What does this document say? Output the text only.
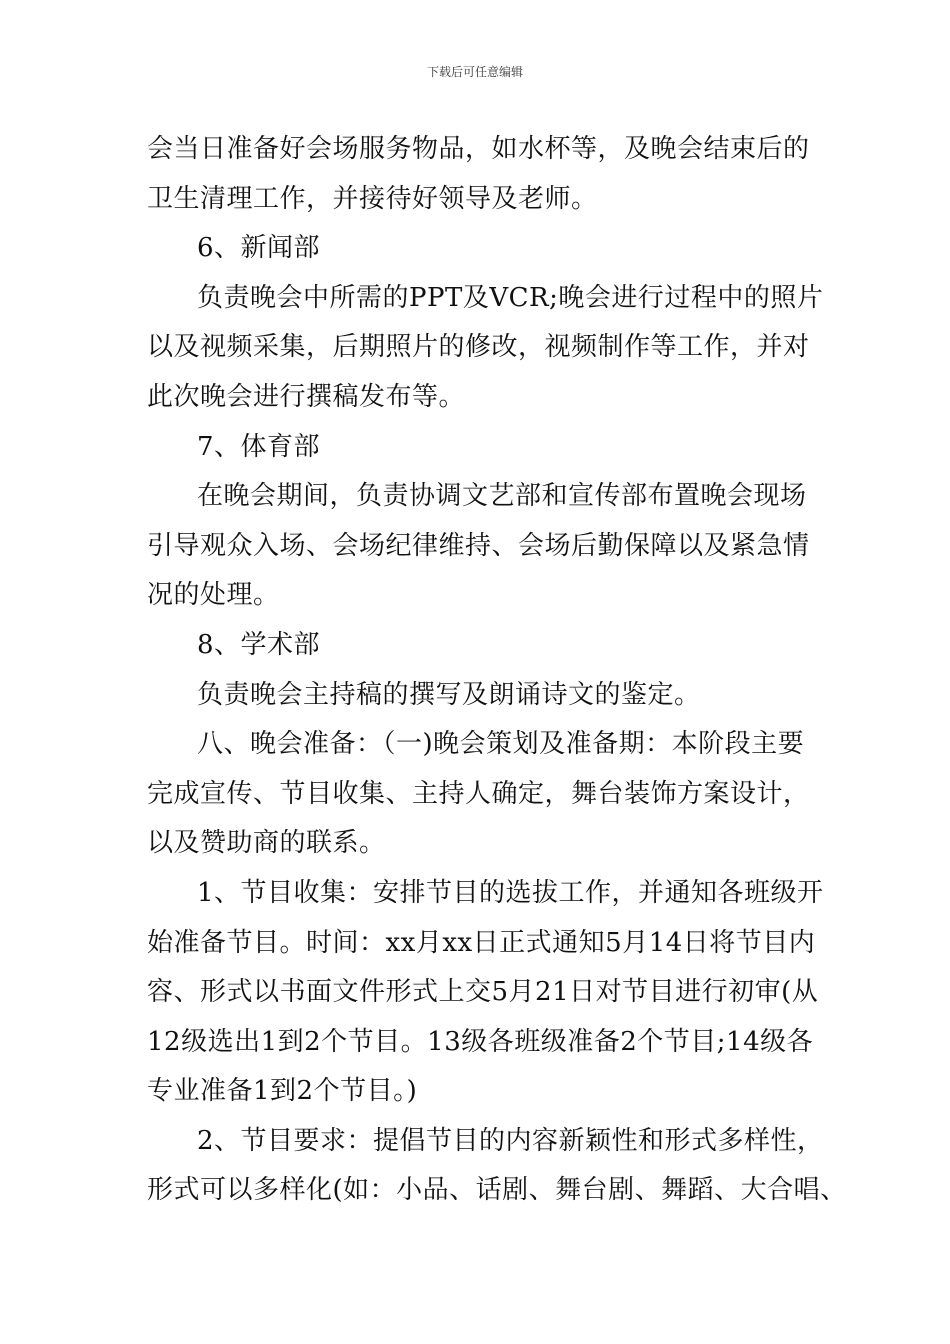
下载后可任意编辑
会当日准备好会场服务物品，如水杯等，及晚会结束后的
卫生清理工作，并接待好领导及老师。
6、新闻部
负责晚会中所需的PPT及VCR;晚会进行过程中的照片
以及视频采集，后期照片的修改，视频制作等工作，并对
此次晚会进行撰稿发布等。
7、体育部
在晚会期间，负责协调文艺部和宣传部布置晚会现场
引导观众入场、会场纪律维持、会场后勤保障以及紧急情
况的处理。
8、学术部
负责晚会主持稿的撰写及朗诵诗文的鉴定。
八、晚会准备：（一)晚会策划及准备期：本阶段主要
完成宣传、节目收集、主持人确定，舞台装饰方案设计，
以及赞助商的联系。
1、节目收集：安排节目的选拔工作，并通知各班级开
始准备节目。时间：xx月xx日正式通知5月14日将节目内
容、形式以书面文件形式上交5月21日对节目进行初审(从
12级选出1到2个节目。13级各班级准备2个节目;14级各
专业准备1到2个节目。)
2、节目要求：提倡节目的内容新颖性和形式多样性，
形式可以多样化(如：小品、话剧、舞台剧、舞蹈、大合唱、
